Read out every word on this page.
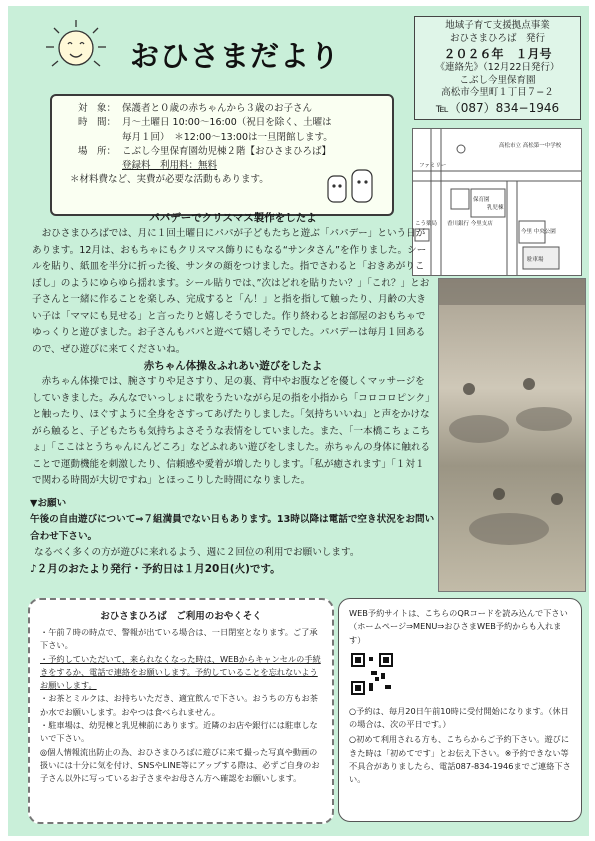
おひさまだより
地域子育て支援拠点事業
おひさまひろば　発行
２０２６年　１月号
《連絡先》（12月22日発行）
こぶし今里保育園
高松市今里町１丁目７−２
℡（087）834−1946
対　象： 保護者と０歳の赤ちゃんから３歳のお子さん
時　間： 月〜土曜日 10:00〜16:00（祝日を除く、土曜は
毎月１回）　＊12:00〜13:00は一旦閉館します。
場　所： こぶし今里保育園幼児棟２階【おひさまひろば】
登録料　利用料：無料
＊材料費など、実費が必要な活動もあります。
ファミリー
香川銀行 今里支店
保育園
乳児棟
こう薬局
今里 中央公園
駐車場
高松市立 高松第一中学校
パパデーでクリスマス製作をしたよ
おひさまひろばでは、月に１回土曜日にパパが子どもたちと遊ぶ「パパデー」という日があります。12月は、おもちゃにもクリスマス飾りにもなる“サンタさん”を作りました。シールを貼り、紙皿を半分に折った後、サンタの顔をつけました。指でさわると「おきあがりこぼし」のようにゆらゆら揺れます。シール貼りでは、”次はどれを貼りたい？」「これ？」とお子さんと一緒に作ることを楽しみ、完成すると「ん！」と指を指して触ったり、月齢の大きい子は「ママにも見せる」と言ったりと嬉しそうでした。作り終わるとお部屋のおもちゃでゆっくりと遊びました。お子さんもパパと遊べて嬉しそうでした。パパデーは毎月１回あるので、ぜひ遊びに来てくださいね。
赤ちゃん体操＆ふれあい遊びをしたよ
赤ちゃん体操では、腕さすりや足さすり、足の裏、背中やお腹などを優しくマッサージをしていきました。みんなでいっしょに歌をうたいながら足の指を小指から「コロコロピンク」と触ったり、ほぐすように全身をさすってあげたりしました。「気持ちいいね」と声をかけながら触ると、子どもたちも気持ちよさそうな表情をしていました。また、「一本橋こちょこちょ」「ここはとうちゃんにんどころ」などふれあい遊びをしました。赤ちゃんの身体に触れることで運動機能を刺激したり、信頼感や愛着が増したりします。「私が癒されます」「１対１で関わる時間が大切ですね」とほっこりした時間になりました。
▼お願い
午後の自由遊びについて⇒７組満員でない日もあります。13時以降は電話で空き状況をお問い合わせ下さい。
なるべく多くの方が遊びに来れるよう、週に２回位の利用でお願いします。
♪２月のおたより発行・予約日は１月20日(火)です。
おひさまひろば　ご利用のおやくそく
・午前７時の時点で、警報が出ている場合は、一日閉室となります。ご了承下さい。
・予約していただいて、来られなくなった時は、WEBからキャンセルの手続きをするか、電話で連絡をお願いします。予約していることを忘れないようお願いします。
・お茶とミルクは、お持ちいただき、適宜飲んで下さい。おうちの方もお茶か水でお願いします。おやつは食べられません。
・駐車場は、幼児棟と乳児棟前にあります。近隣のお店や銀行には駐車しないで下さい。
◎個人情報流出防止の為、おひさまひろばに遊びに来て撮った写真や動画の扱いには十分に気を付け、SNSやLINE等にアップする際は、必ずご自身のお子さん以外に写っているお子さまやお母さん方へ確認をお願いします。
WEB予約サイトは、こちらのQRコードを読み込んで下さい（ホームページ⇒MENU⇒おひさまWEB予約からも入れます）
○予約は、毎月20日午前10時に受付開始になります。（休日の場合は、次の平日です。）
○初めて利用される方も、こちらからご予約下さい。遊びにきた時は「初めてです」とお伝え下さい。※予約できない等不具合がありましたら、電話087-834-1946までご連絡下さい。
